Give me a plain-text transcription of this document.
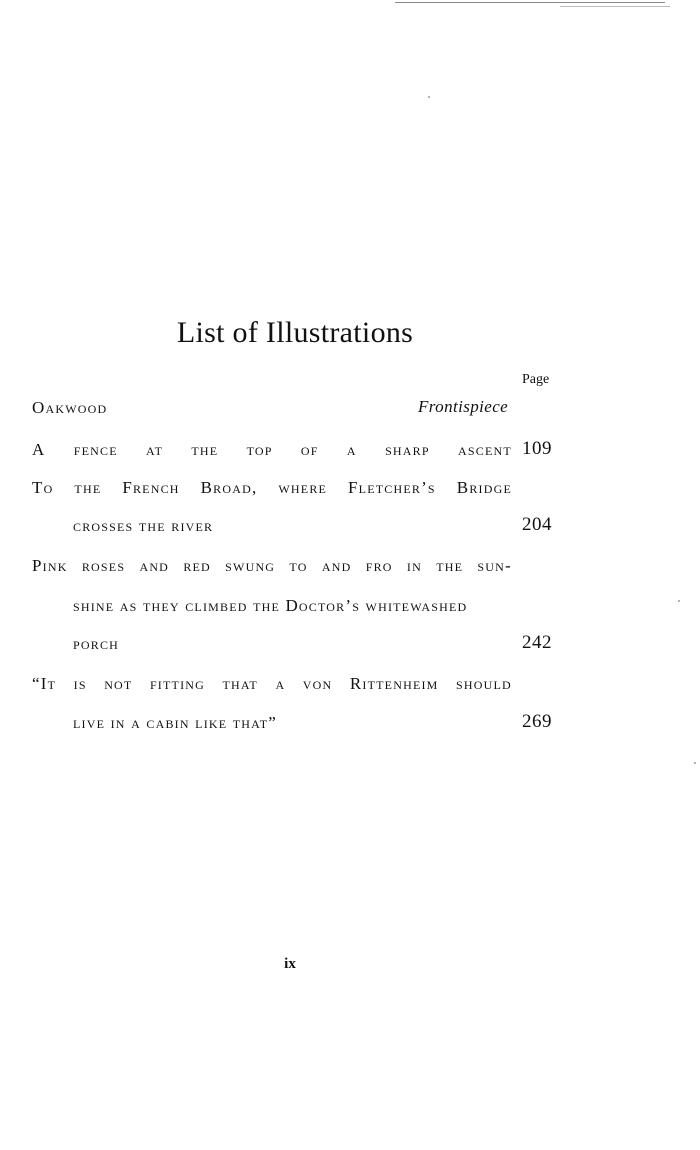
List of Illustrations
Page
Oakwood	Frontispiece
A fence at the top of a sharp ascent 109
To the French Broad, where Fletcher’s Bridge
crosses the river	204
Pink roses and red swung to and fro in the sun-
shine as they climbed the Doctor’s whitewashed
porch	242
“It is not fitting that a von Rittenheim should
live in a cabin like that”	269
ix
